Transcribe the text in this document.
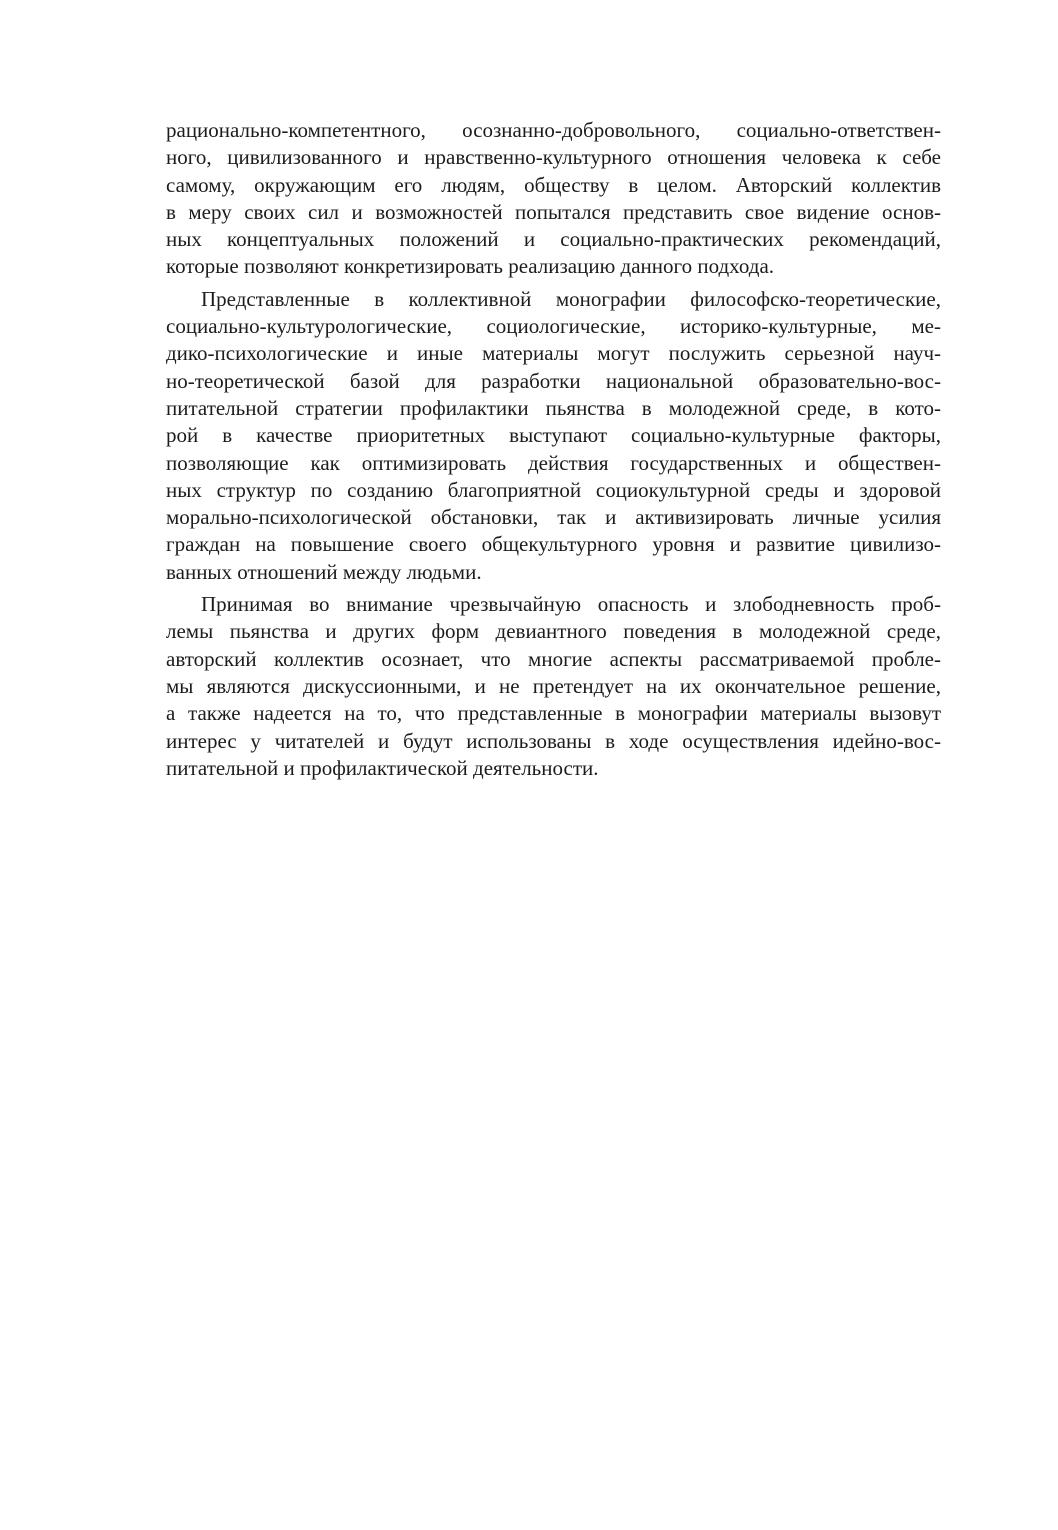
рационально-компетентного, осознанно-добровольного, социально-ответствен-
ного, цивилизованного и нравственно-культурного отношения человека к себе
самому, окружающим его людям, обществу в целом. Авторский коллектив
в меру своих сил и возможностей попытался представить свое видение основ-
ных концептуальных положений и социально-практических рекомендаций,
которые позволяют конкретизировать реализацию данного подхода.
Представленные в коллективной монографии философско-теоретические,
социально-культурологические, социологические, историко-культурные, ме-
дико-психологические и иные материалы могут послужить серьезной науч-
но-теоретической базой для разработки национальной образовательно-вос-
питательной стратегии профилактики пьянства в молодежной среде, в кото-
рой в качестве приоритетных выступают социально-культурные факторы,
позволяющие как оптимизировать действия государственных и обществен-
ных структур по созданию благоприятной социокультурной среды и здоровой
морально-психологической обстановки, так и активизировать личные усилия
граждан на повышение своего общекультурного уровня и развитие цивилизо-
ванных отношений между людьми.
Принимая во внимание чрезвычайную опасность и злободневность проб-
лемы пьянства и других форм девиантного поведения в молодежной среде,
авторский коллектив осознает, что многие аспекты рассматриваемой пробле-
мы являются дискуссионными, и не претендует на их окончательное решение,
а также надеется на то, что представленные в монографии материалы вызовут
интерес у читателей и будут использованы в ходе осуществления идейно-вос-
питательной и профилактической деятельности.
